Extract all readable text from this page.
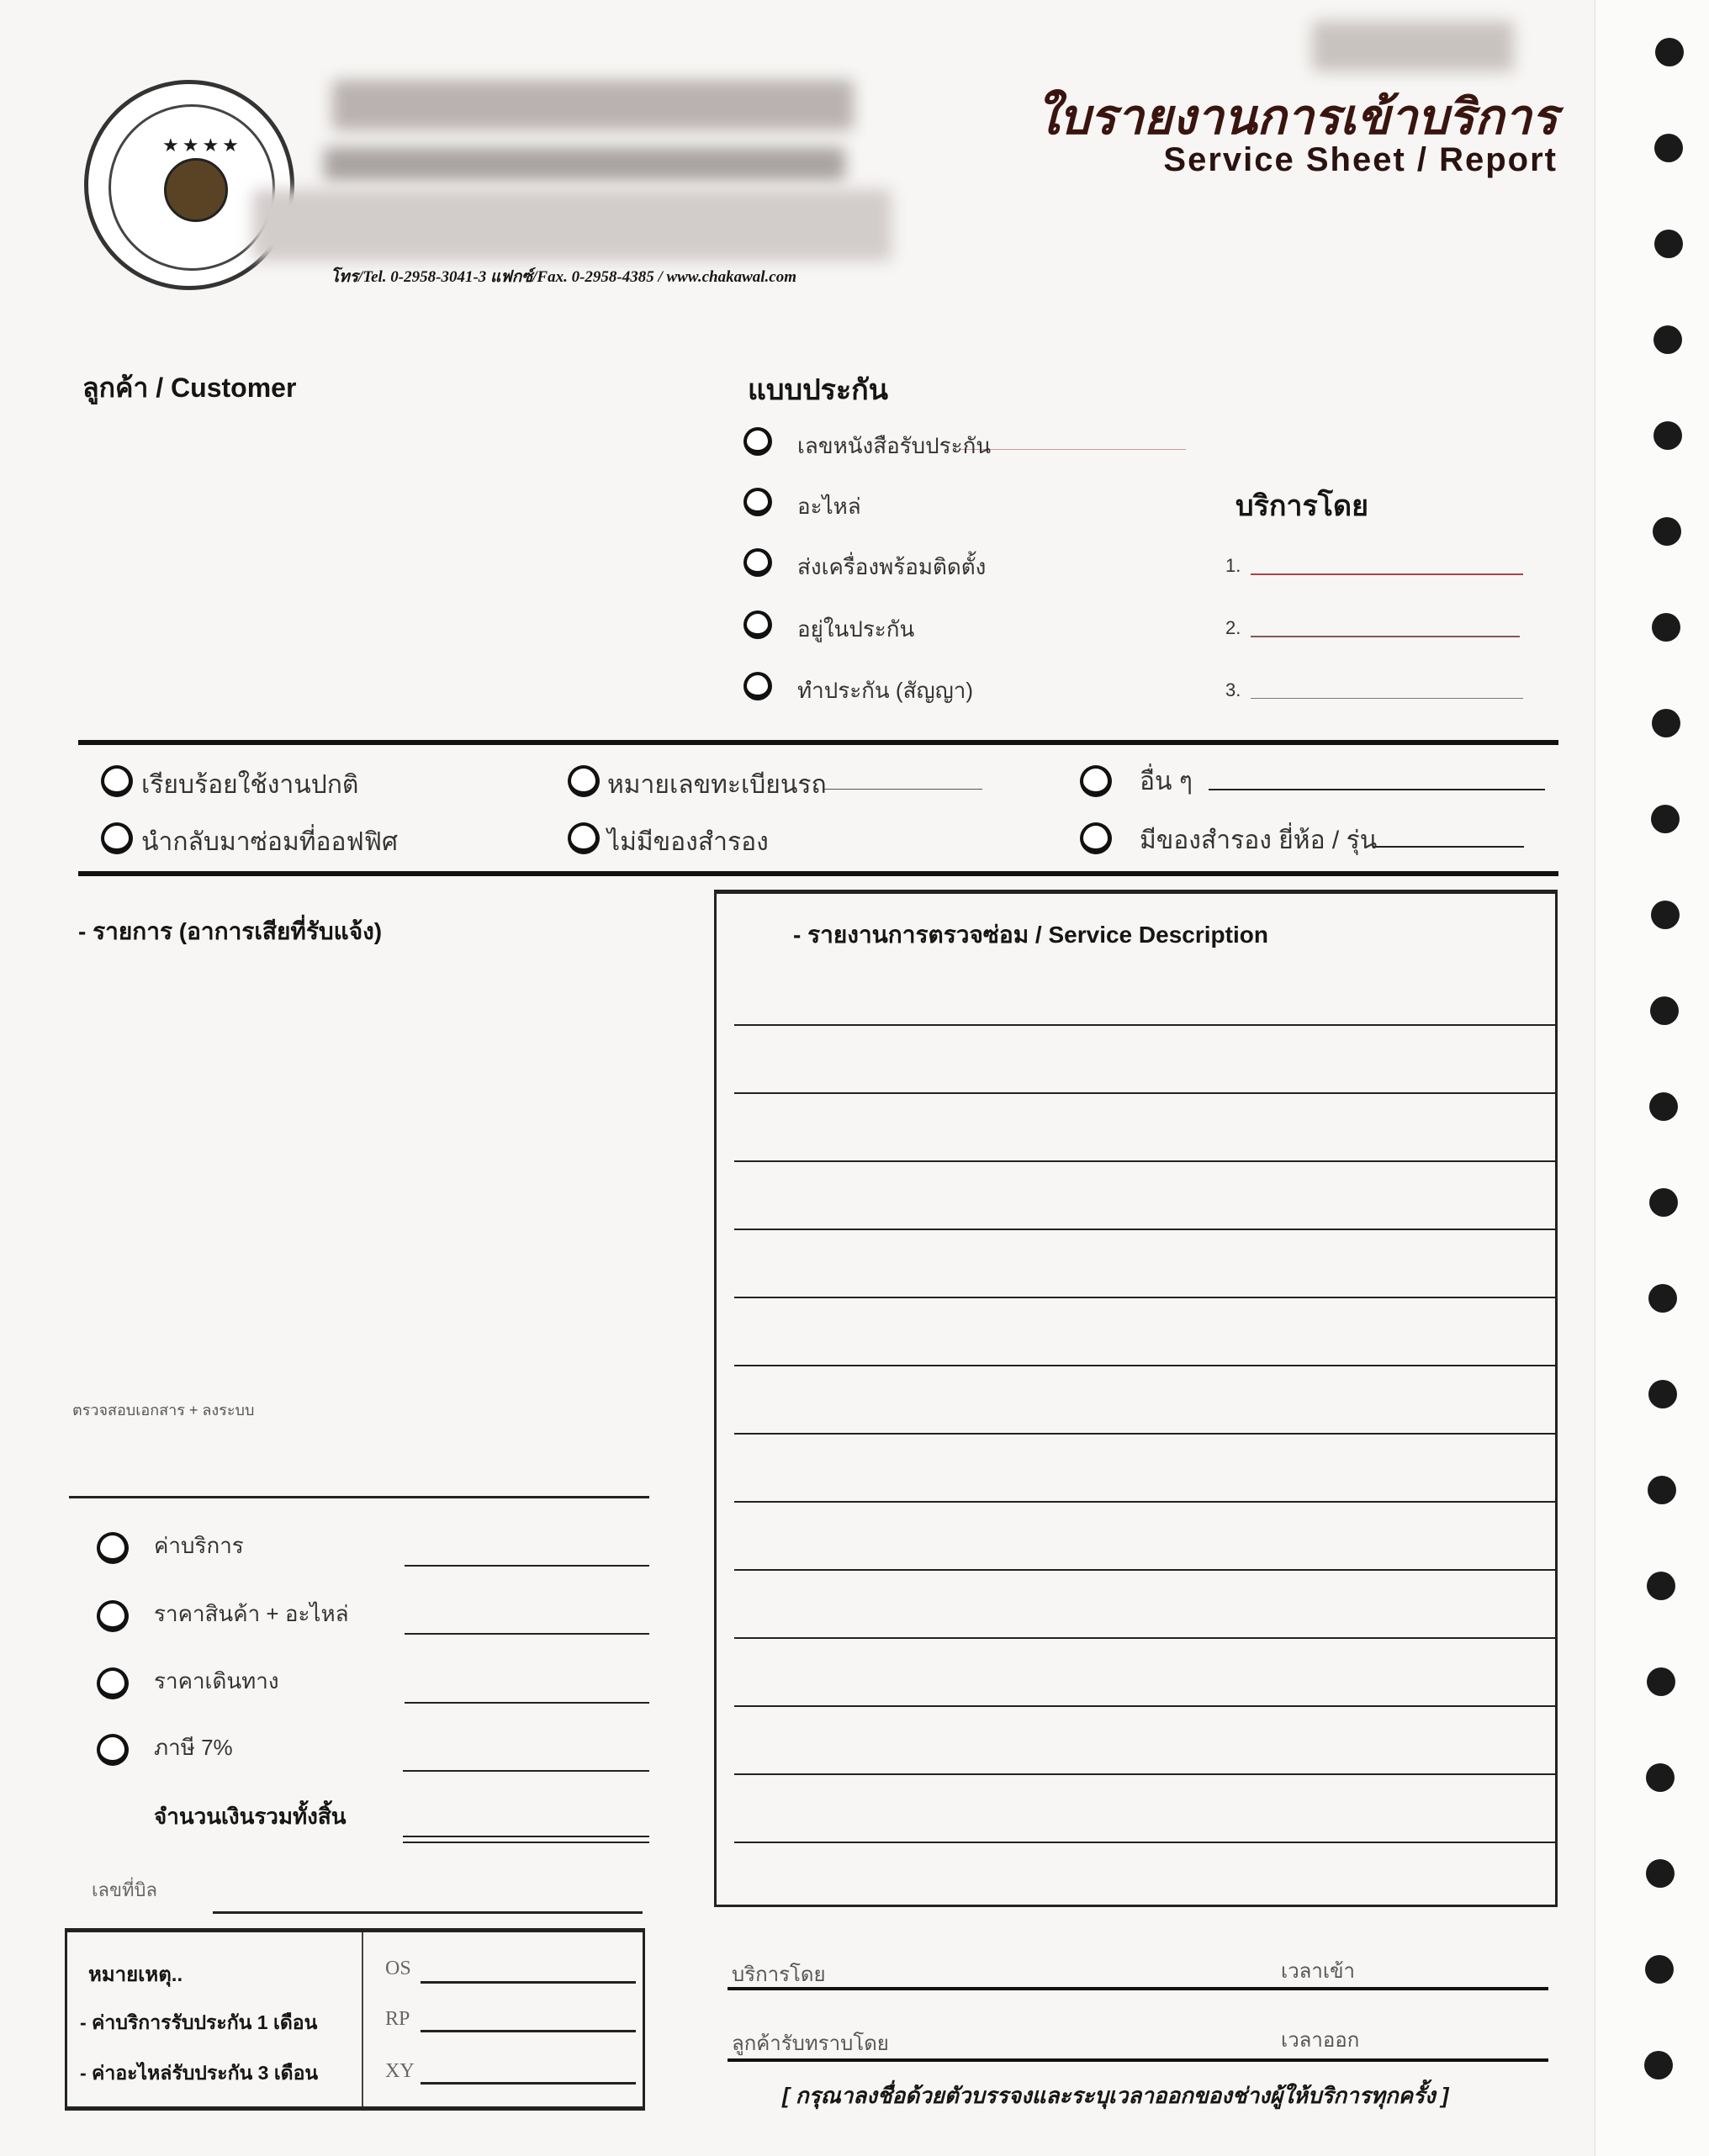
★★★★
โทร/Tel. 0-2958-3041-3 แฟกซ์/Fax. 0-2958-4385 / www.chakawal.com
ใบรายงานการเข้าบริการ
Service Sheet / Report
ลูกค้า / Customer	แบบประกัน
เลขหนังสือรับประกัน
อะไหล่
ส่งเครื่องพร้อมติดตั้ง
อยู่ในประกัน
ทำประกัน (สัญญา)
บริการโดย
1.
2.
3.
เรียบร้อยใช้งานปกติ	หมายเลขทะเบียนรถ	อื่น ๆ
นำกลับมาซ่อมที่ออฟฟิศ	ไม่มีของสำรอง	มีของสำรอง ยี่ห้อ / รุ่น
- รายการ (อาการเสียที่รับแจ้ง)
ตรวจสอบเอกสาร + ลงระบบ
- รายงานการตรวจซ่อม / Service Description
ค่าบริการ
ราคาสินค้า + อะไหล่
ราคาเดินทาง
ภาษี 7%
จำนวนเงินรวมทั้งสิ้น
เลขที่บิล
หมายเหตุ..
- ค่าบริการรับประกัน 1 เดือน
- ค่าอะไหล่รับประกัน 3 เดือน
OS
RP
XY
บริการโดย	เวลาเข้า
ลูกค้ารับทราบโดย	เวลาออก
[ กรุณาลงชื่อด้วยตัวบรรจงและระบุเวลาออกของช่างผู้ให้บริการทุกครั้ง ]
